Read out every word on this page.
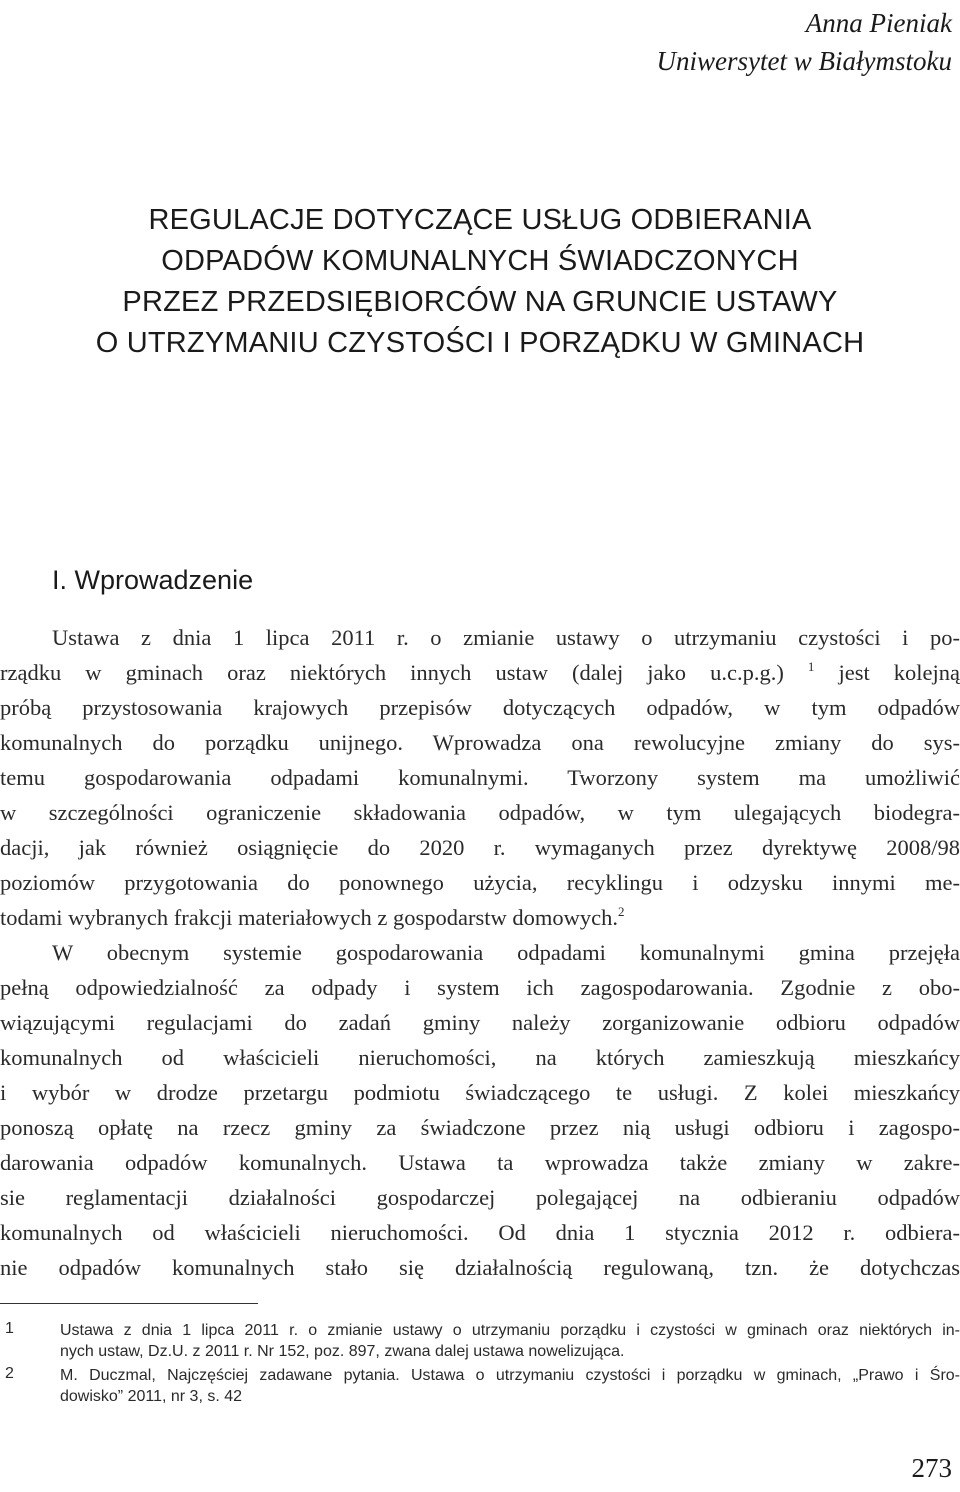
Anna Pieniak
Uniwersytet w Białymstoku
REGULACJE DOTYCZĄCE USŁUG ODBIERANIA
ODPADÓW KOMUNALNYCH ŚWIADCZONYCH
PRZEZ PRZEDSIĘBIORCÓW NA GRUNCIE USTAWY
O UTRZYMANIU CZYSTOŚCI I PORZĄDKU W GMINACH
I. Wprowadzenie
Ustawa z dnia 1 lipca 2011 r. o zmianie ustawy o utrzymaniu czystości i po-
rządku w gminach oraz niektórych innych ustaw (dalej jako u.c.p.g.) $^1$ jest kolejną
próbą przystosowania krajowych przepisów dotyczących odpadów, w tym odpadów
komunalnych do porządku unijnego. Wprowadza ona rewolucyjne zmiany do sys-
temu gospodarowania odpadami komunalnymi. Tworzony system ma umożliwić
w szczególności ograniczenie składowania odpadów, w tym ulegających biodegra-
dacji, jak również osiągnięcie do 2020 r. wymaganych przez dyrektywę 2008/98
poziomów przygotowania do ponownego użycia, recyklingu i odzysku innymi me-
todami wybranych frakcji materiałowych z gospodarstw domowych.$^2$
W obecnym systemie gospodarowania odpadami komunalnymi gmina przejęła
pełną odpowiedzialność za odpady i system ich zagospodarowania. Zgodnie z obo-
wiązującymi regulacjami do zadań gminy należy zorganizowanie odbioru odpadów
komunalnych od właścicieli nieruchomości, na których zamieszkują mieszkańcy
i wybór w drodze przetargu podmiotu świadczącego te usługi. Z kolei mieszkańcy
ponoszą opłatę na rzecz gminy za świadczone przez nią usługi odbioru i zagospo-
darowania odpadów komunalnych. Ustawa ta wprowadza także zmiany w zakre-
sie reglamentacji działalności gospodarczej polegającej na odbieraniu odpadów
komunalnych od właścicieli nieruchomości. Od dnia 1 stycznia 2012 r. odbiera-
nie odpadów komunalnych stało się działalnością regulowaną, tzn. że dotychczas
1	Ustawa z dnia 1 lipca 2011 r. o zmianie ustawy o utrzymaniu porządku i czystości w gminach oraz niektórych in-
nych ustaw, Dz.U. z 2011 r. Nr 152, poz. 897, zwana dalej ustawa nowelizująca.
2	M. Duczmal, Najczęściej zadawane pytania. Ustawa o utrzymaniu czystości i porządku w gminach, „Prawo i Śro-
dowisko” 2011, nr 3, s. 42
273
